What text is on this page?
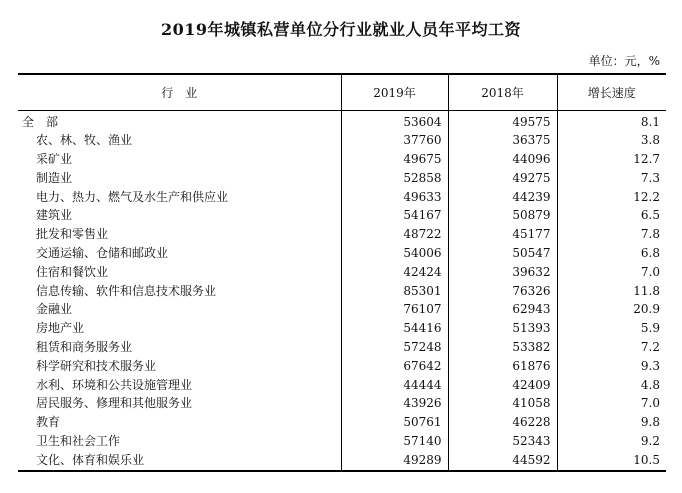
2019年城镇私营单位分行业就业人员年平均工资
单位：元，%
行　业	2019年	2018年	增长速度
全　部	53604	49575	8.1
农、林、牧、渔业	37760	36375	3.8
采矿业	49675	44096	12.7
制造业	52858	49275	7.3
电力、热力、燃气及水生产和供应业	49633	44239	12.2
建筑业	54167	50879	6.5
批发和零售业	48722	45177	7.8
交通运输、仓储和邮政业	54006	50547	6.8
住宿和餐饮业	42424	39632	7.0
信息传输、软件和信息技术服务业	85301	76326	11.8
金融业	76107	62943	20.9
房地产业	54416	51393	5.9
租赁和商务服务业	57248	53382	7.2
科学研究和技术服务业	67642	61876	9.3
水利、环境和公共设施管理业	44444	42409	4.8
居民服务、修理和其他服务业	43926	41058	7.0
教育	50761	46228	9.8
卫生和社会工作	57140	52343	9.2
文化、体育和娱乐业	49289	44592	10.5
